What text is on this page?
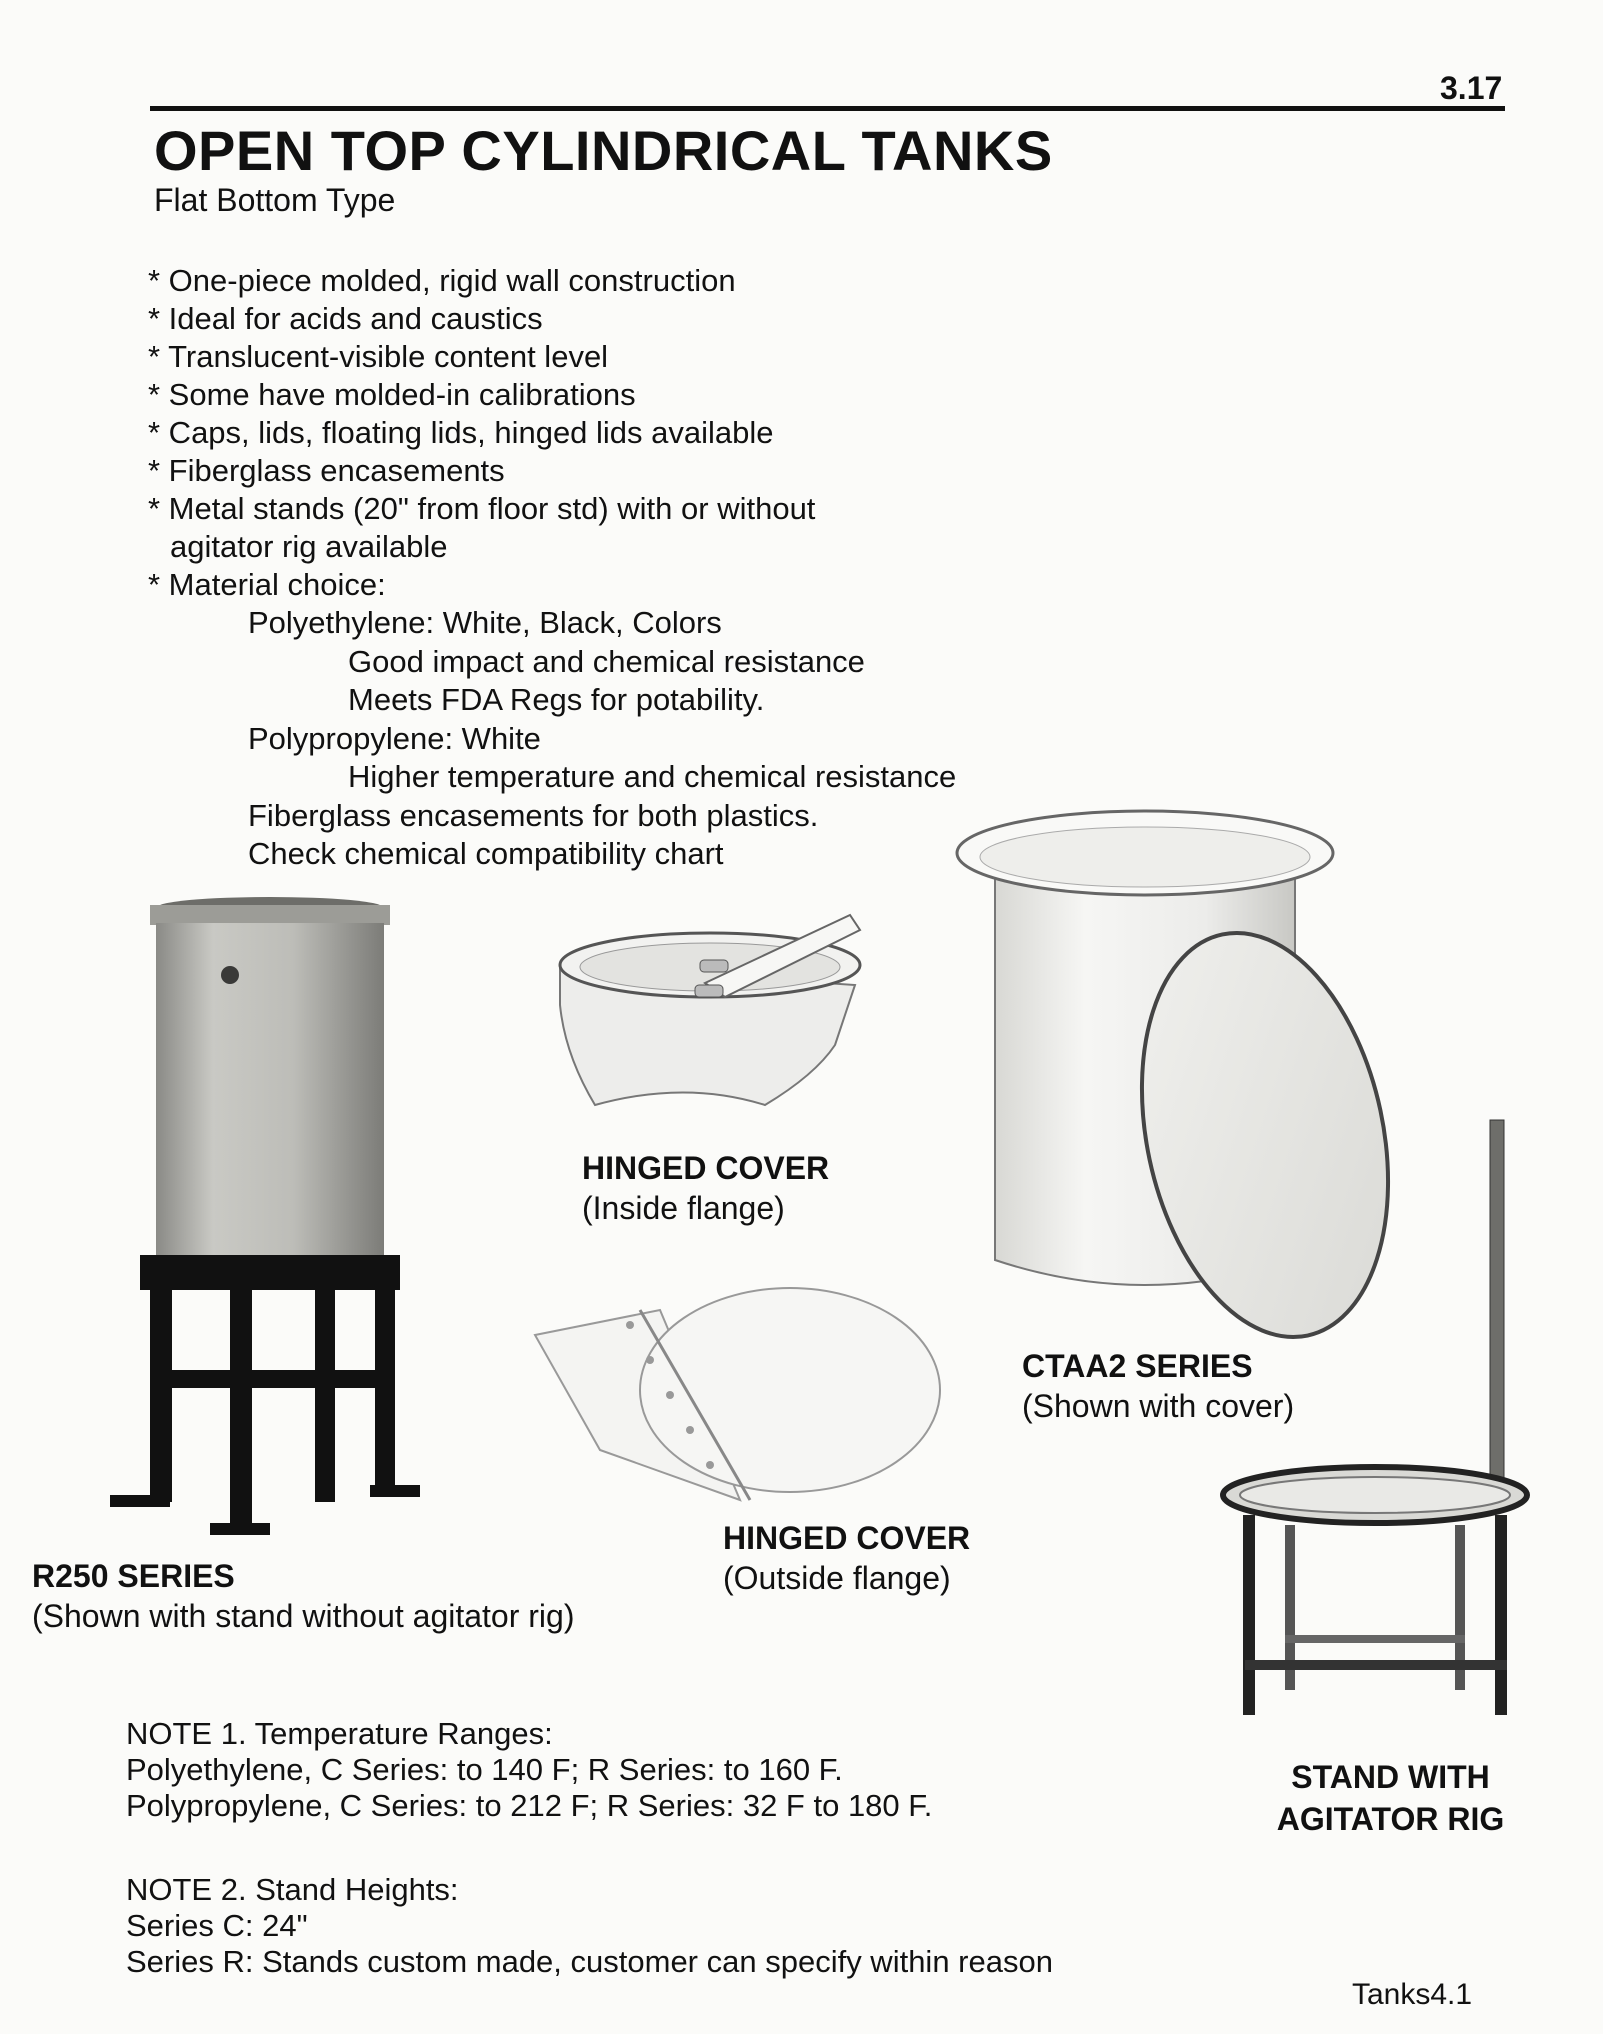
3.17
OPEN TOP CYLINDRICAL TANKS
Flat Bottom Type
* One-piece molded, rigid wall construction
* Ideal for acids and caustics
* Translucent-visible content level
* Some have molded-in calibrations
* Caps, lids, floating lids, hinged lids available
* Fiberglass encasements
* Metal stands (20" from floor std) with or without
agitator rig available
* Material choice:
Polyethylene: White, Black, Colors
Good impact and chemical resistance
Meets FDA Regs for potability.
Polypropylene: White
Higher temperature and chemical resistance
Fiberglass encasements for both plastics.
Check chemical compatibility chart
HINGED COVER
(Inside flange)
CTAA2 SERIES
(Shown with cover)
HINGED COVER
(Outside flange)
R250 SERIES
(Shown with stand without agitator rig)
STAND WITH
AGITATOR RIG
NOTE 1. Temperature Ranges:
Polyethylene, C Series: to 140 F; R Series: to 160 F.
Polypropylene, C Series: to 212 F; R Series: 32 F to 180 F.
NOTE 2. Stand Heights:
Series C: 24"
Series R: Stands custom made, customer can specify within reason
Tanks4.1
